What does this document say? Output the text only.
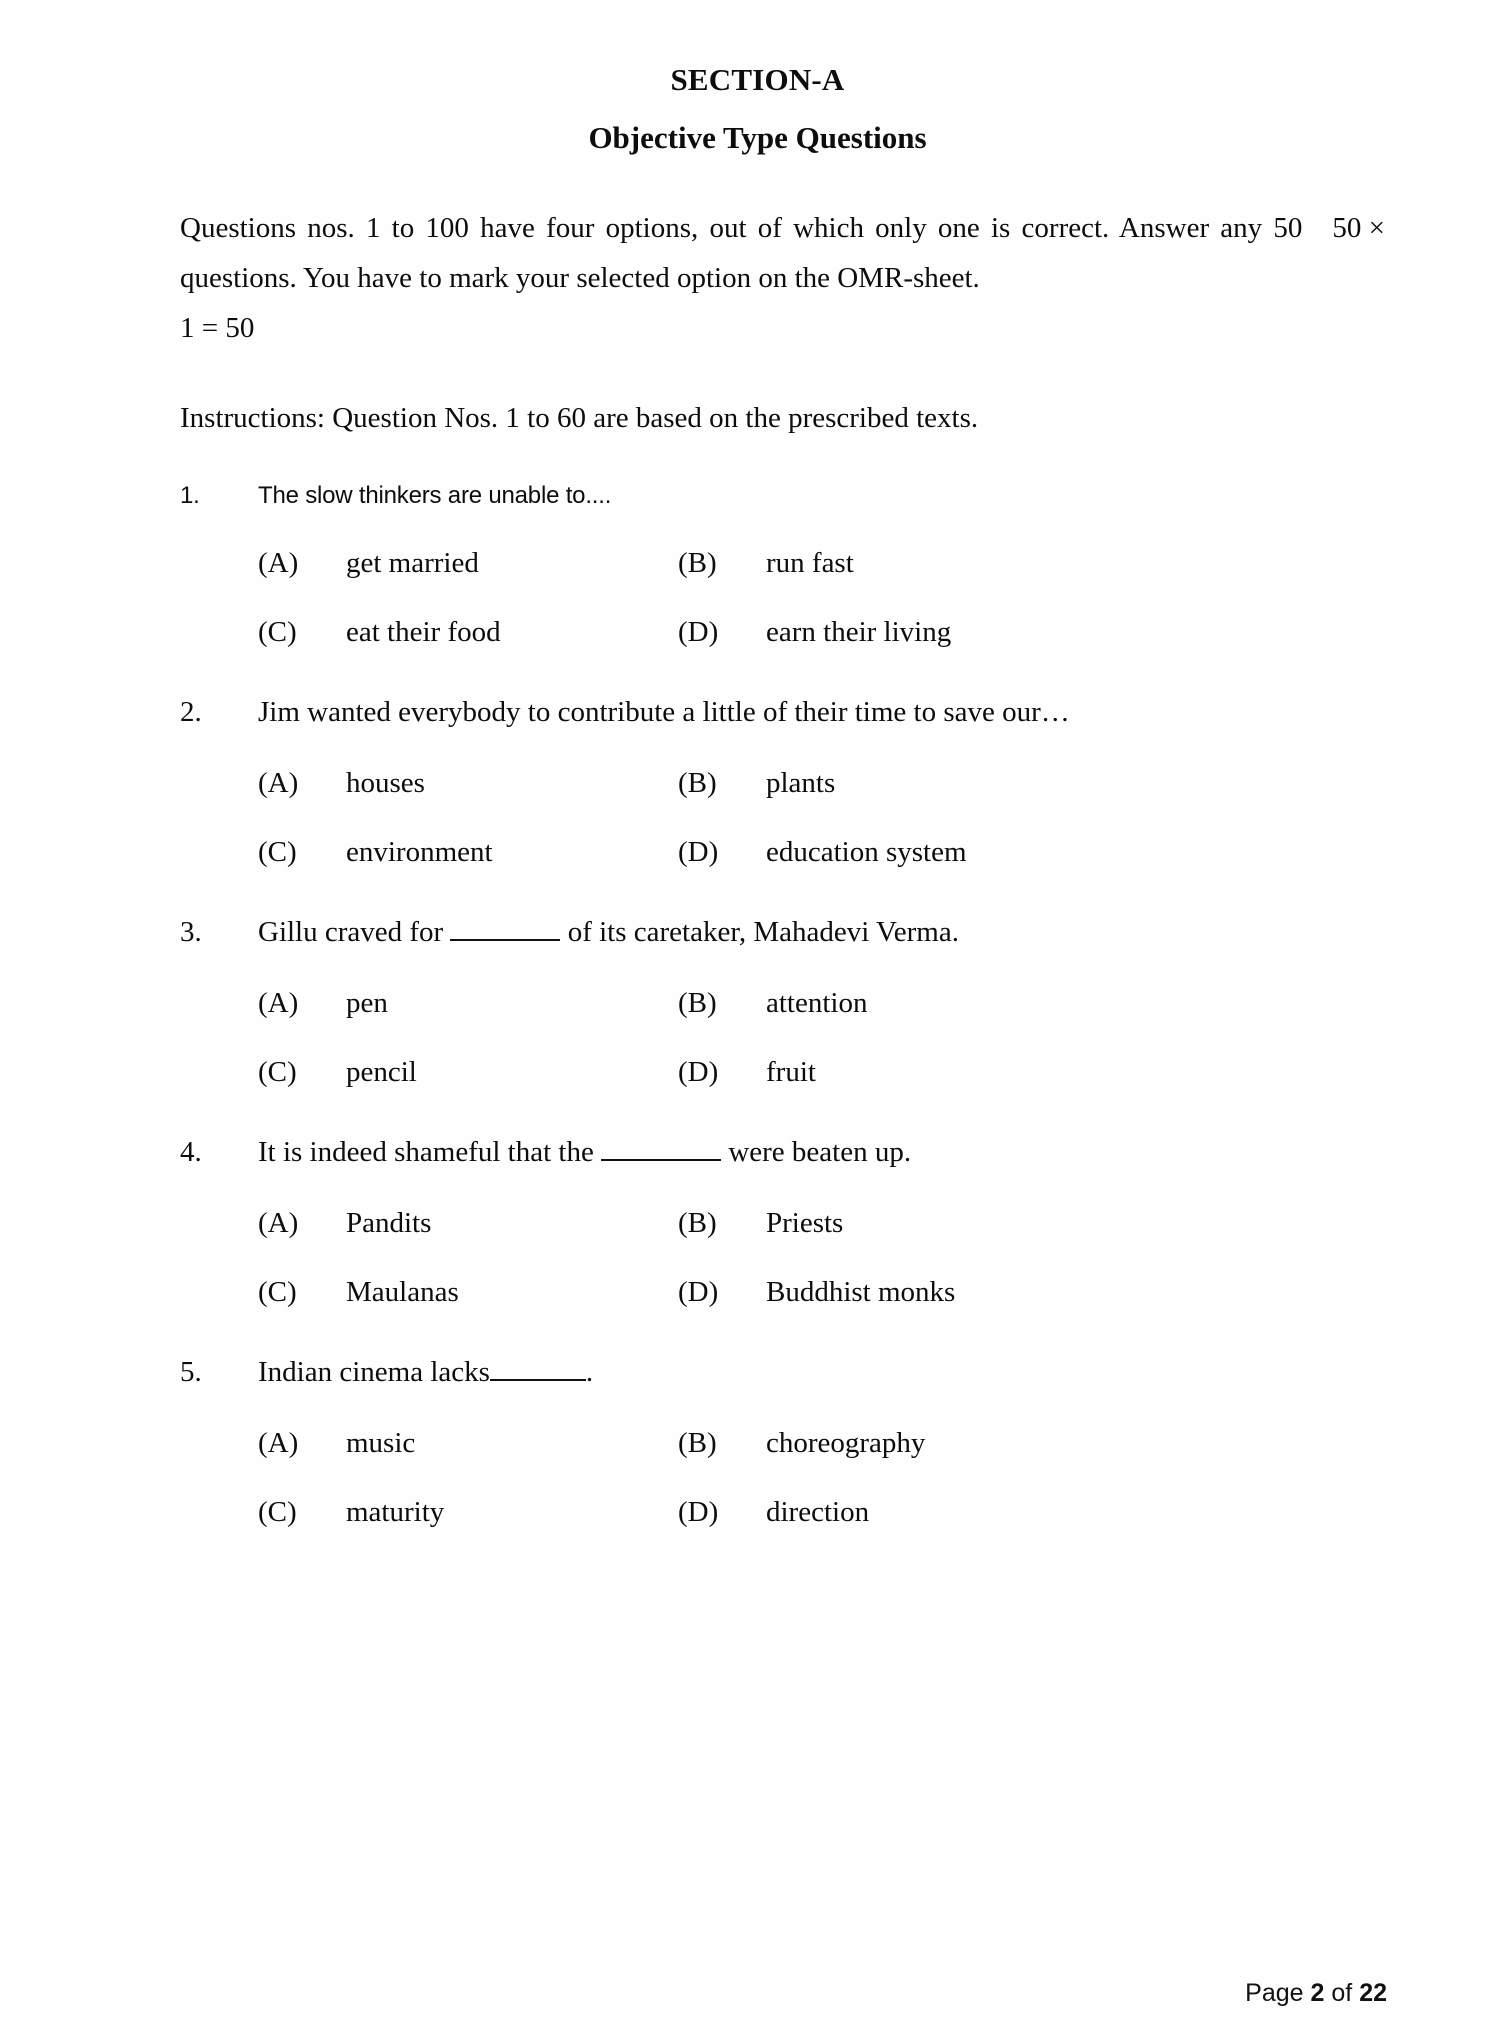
SECTION-A
Objective Type Questions

50 ×
Questions nos. 1 to 100 have four options, out of which only one is correct. Answer any 50 questions. You have to mark your selected option on the OMR-sheet.

1 = 50

Instructions: Question Nos. 1 to 60 are based on the prescribed texts.

1.	The slow thinkers are unable to....
(A)	get married	(B)	run fast
(C)	eat their food	(D)	earn their living
2.	Jim wanted everybody to contribute a little of their time to save our…
(A)	houses	(B)	plants
(C)	environment	(D)	education system
3.	Gillu craved for	of its caretaker, Mahadevi Verma.
(A)	pen	(B)	attention
(C)	pencil	(D)	fruit
4.	It is indeed shameful that the	were beaten up.
(A)	Pandits	(B)	Priests
(C)	Maulanas	(D)	Buddhist monks
5.	Indian cinema lacks	.
(A)	music	(B)	choreography
(C)	maturity	(D)	direction
Page 2 of 22
